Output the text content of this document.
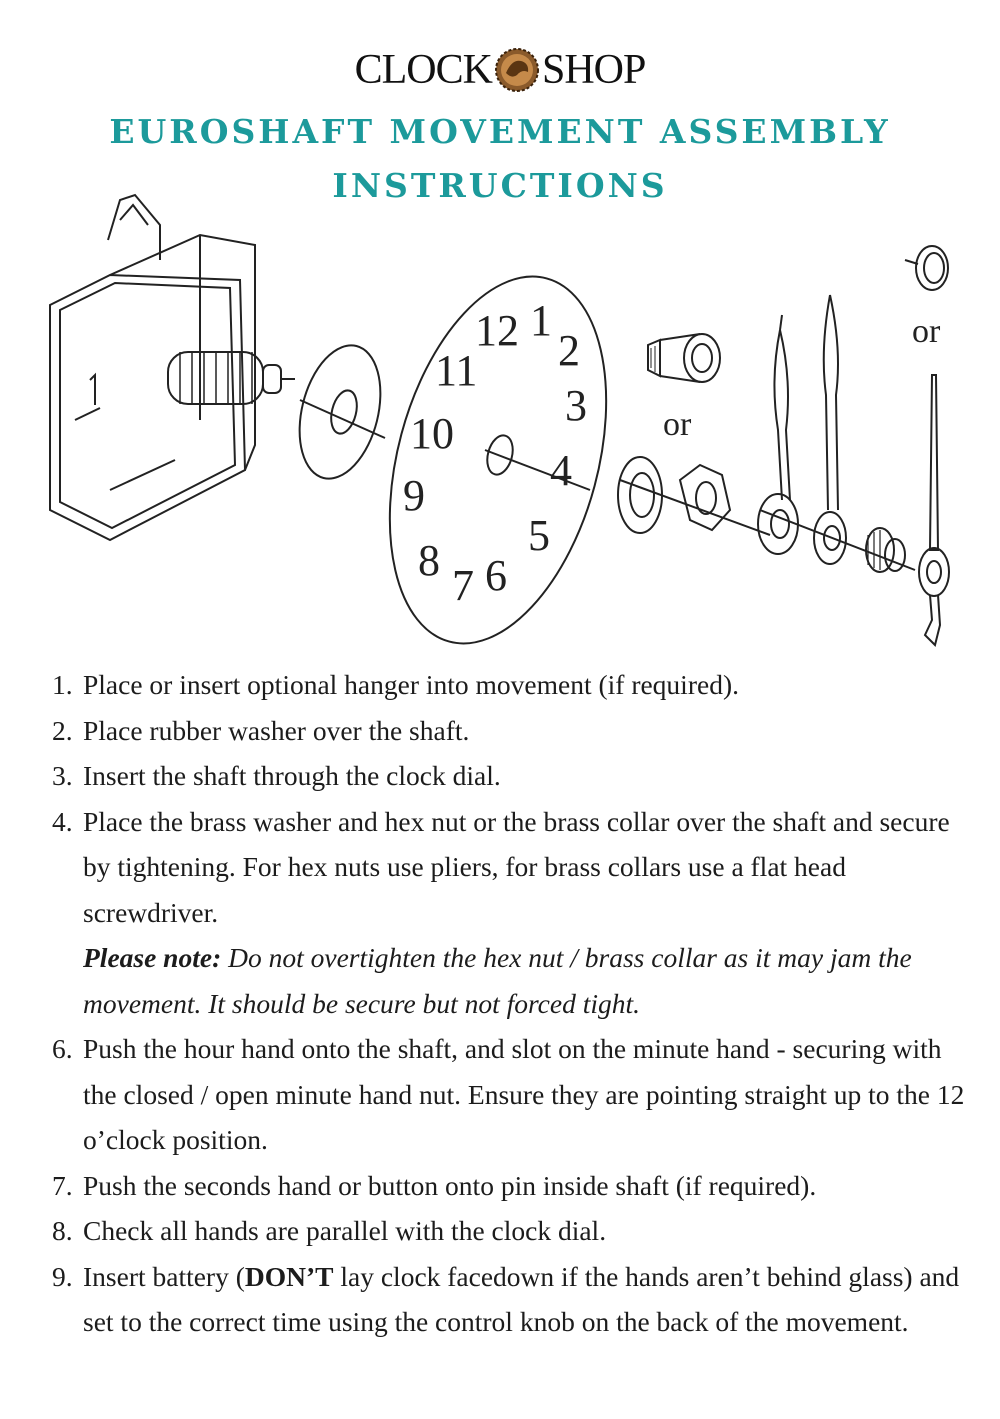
CLOCK SHOP
EUROSHAFT MOVEMENT ASSEMBLY
INSTRUCTIONS
12 1
2
3
4
5
6
7
8
9
10
11
or
or
1. Place or insert optional hanger into movement (if required).
2. Place rubber washer over the shaft.
3. Insert the shaft through the clock dial.
4. Place the brass washer and hex nut or the brass collar over the shaft and secure by tightening. For hex nuts use pliers, for brass collars use a flat head screwdriver.
Please note: Do not overtighten the hex nut / brass collar as it may jam the movement. It should be secure but not forced tight.
6. Push the hour hand onto the shaft, and slot on the minute hand - securing with the closed / open minute hand nut. Ensure they are pointing straight up to the 12 o’clock position.
7. Push the seconds hand or button onto pin inside shaft (if required).
8. Check all hands are parallel with the clock dial.
9. Insert battery (DON’T lay clock facedown if the hands aren’t behind glass) and set to the correct time using the control knob on the back of the movement.
